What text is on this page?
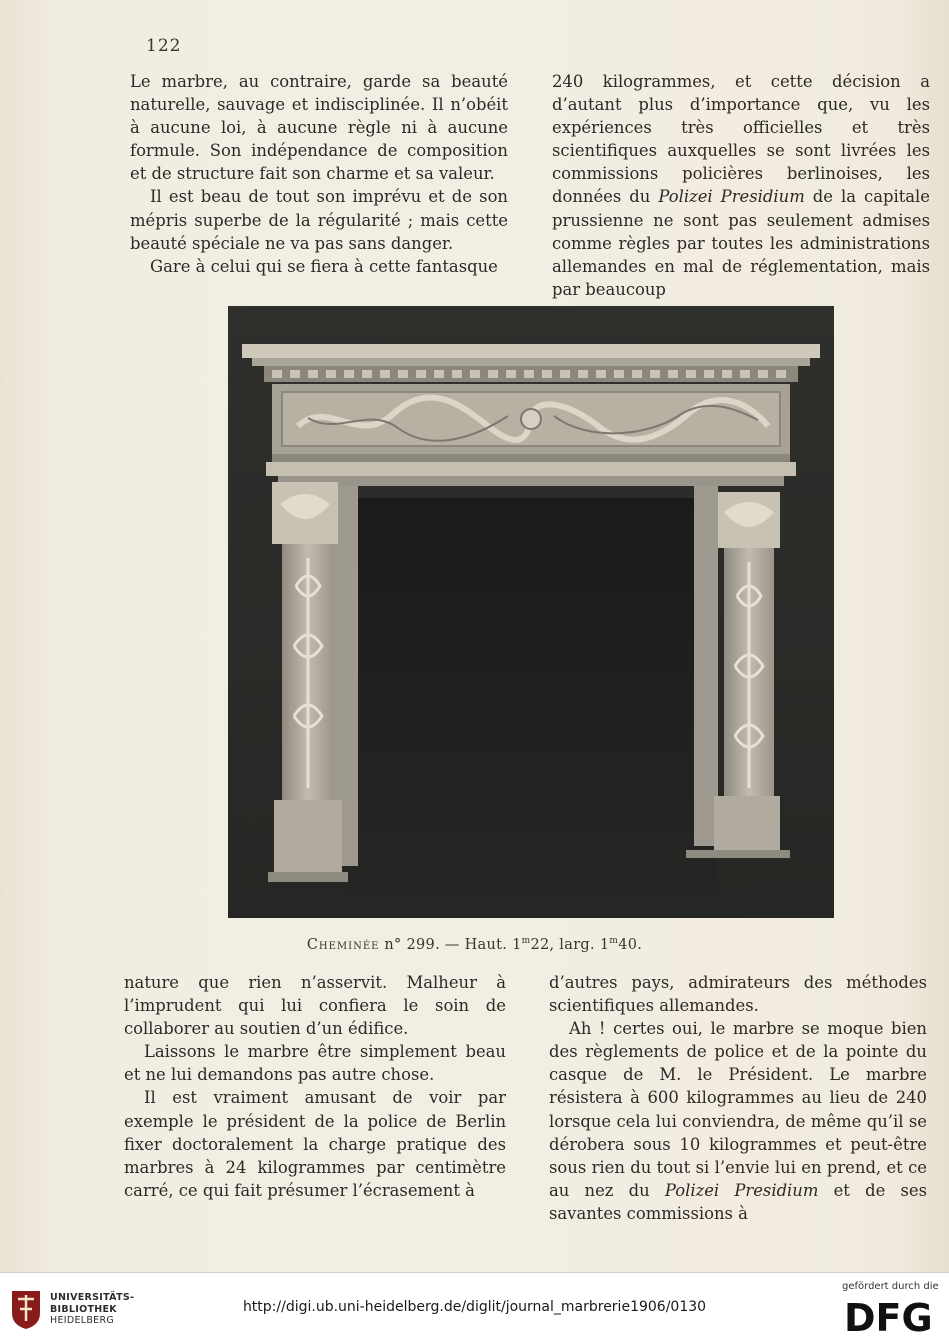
122

Le marbre, au contraire, garde sa beauté naturelle, sauvage et indisciplinée. Il n’obéit à aucune loi, à aucune règle ni à aucune formule. Son indépendance de composition et de structure fait son charme et sa valeur.

Il est beau de tout son imprévu et de son mépris superbe de la régularité ; mais cette beauté spéciale ne va pas sans danger.

Gare à celui qui se fiera à cette fantasque

240 kilogrammes, et cette décision a d’autant plus d’importance que, vu les expériences très officielles et très scientifiques auxquelles se sont livrées les commissions policières berlinoises, les données du Polizei Presidium de la capitale prussienne ne sont pas seulement admises comme règles par toutes les administrations allemandes en mal de réglementation, mais par beaucoup

Cheminée n° 299. — Haut. 1$^m$22, larg. 1$^m$40.

nature que rien n’asservit. Malheur à l’imprudent qui lui confiera le soin de collaborer au soutien d’un édifice.

Laissons le marbre être simplement beau et ne lui demandons pas autre chose.

Il est vraiment amusant de voir par exemple le président de la police de Berlin fixer doctoralement la charge pratique des marbres à 24 kilogrammes par centimètre carré, ce qui fait présumer l’écrasement à

d’autres pays, admirateurs des méthodes scientifiques allemandes.

Ah ! certes oui, le marbre se moque bien des règlements de police et de la pointe du casque de M. le Président. Le marbre résistera à 600 kilogrammes au lieu de 240 lorsque cela lui conviendra, de même qu’il se dérobera sous 10 kilogrammes et peut-être sous rien du tout si l’envie lui en prend, et ce au nez du Polizei Presidium et de ses savantes commissions à

UNIVERSITÄTS-
BIBLIOTHEK
HEIDELBERG
http://digi.ub.uni-heidelberg.de/diglit/journal_marbrerie1906/0130
gefördert durch die
DFG
